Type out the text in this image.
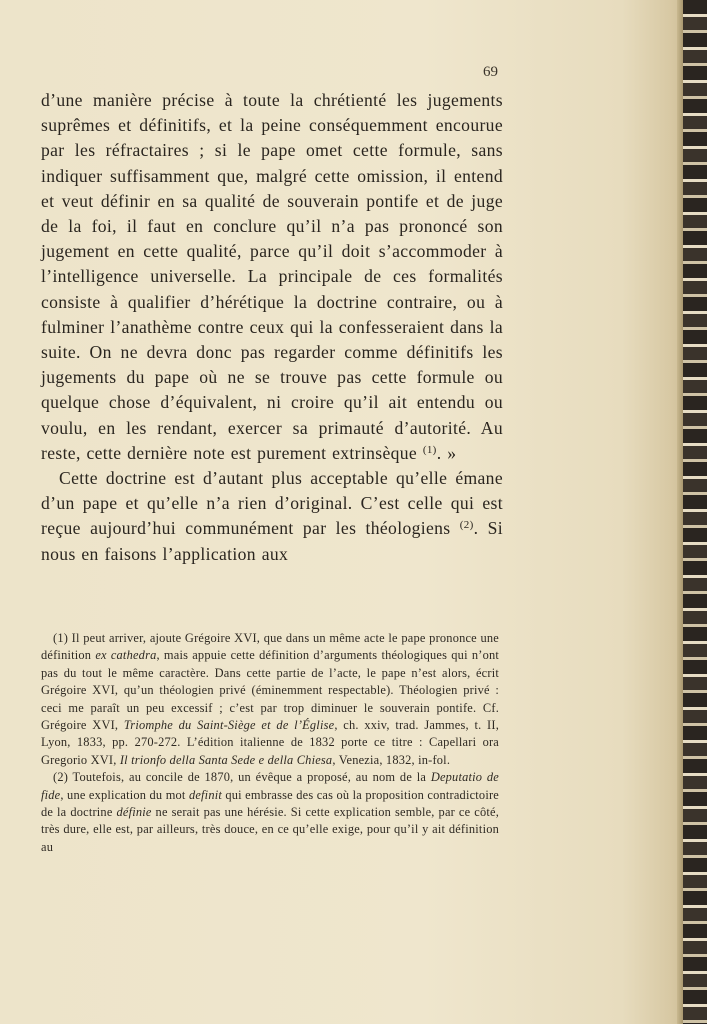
69

d’une manière précise à toute la chrétienté les jugements suprêmes et définitifs, et la peine conséquemment encourue par les réfractaires ; si le pape omet cette formule, sans indiquer suffisamment que, malgré cette omission, il entend et veut définir en sa qualité de souverain pontife et de juge de la foi, il faut en conclure qu’il n’a pas prononcé son jugement en cette qualité, parce qu’il doit s’accommoder à l’intelligence universelle. La principale de ces formalités consiste à qualifier d’hérétique la doctrine contraire, ou à fulminer l’anathème contre ceux qui la confesseraient dans la suite. On ne devra donc pas regarder comme définitifs les jugements du pape où ne se trouve pas cette formule ou quelque chose d’équivalent, ni croire qu’il ait entendu ou voulu, en les rendant, exercer sa primauté d’autorité. Au reste, cette dernière note est purement extrinsèque $^{(1)}$. »

Cette doctrine est d’autant plus acceptable qu’elle émane d’un pape et qu’elle n’a rien d’original. C’est celle qui est reçue aujourd’hui communément par les théologiens $^{(2)}$. Si nous en faisons l’application aux

(1) Il peut arriver, ajoute Grégoire XVI, que dans un même acte le pape prononce une définition ex cathedra, mais appuie cette définition d’arguments théologiques qui n’ont pas du tout le même caractère. Dans cette partie de l’acte, le pape n’est alors, écrit Grégoire XVI, qu’un théologien privé (éminemment respectable). Théologien privé : ceci me paraît un peu excessif ; c’est par trop diminuer le souverain pontife. Cf. Grégoire XVI, Triomphe du Saint-Siège et de l’Église, ch. xxiv, trad. Jammes, t. II, Lyon, 1833, pp. 270-272. L’édition italienne de 1832 porte ce titre : Capellari ora Gregorio XVI, Il trionfo della Santa Sede e della Chiesa, Venezia, 1832, in-fol.

(2) Toutefois, au concile de 1870, un évêque a proposé, au nom de la Deputatio de fide, une explication du mot definit qui embrasse des cas où la proposition contradictoire de la doctrine définie ne serait pas une hérésie. Si cette explication semble, par ce côté, très dure, elle est, par ailleurs, très douce, en ce qu’elle exige, pour qu’il y ait définition au
